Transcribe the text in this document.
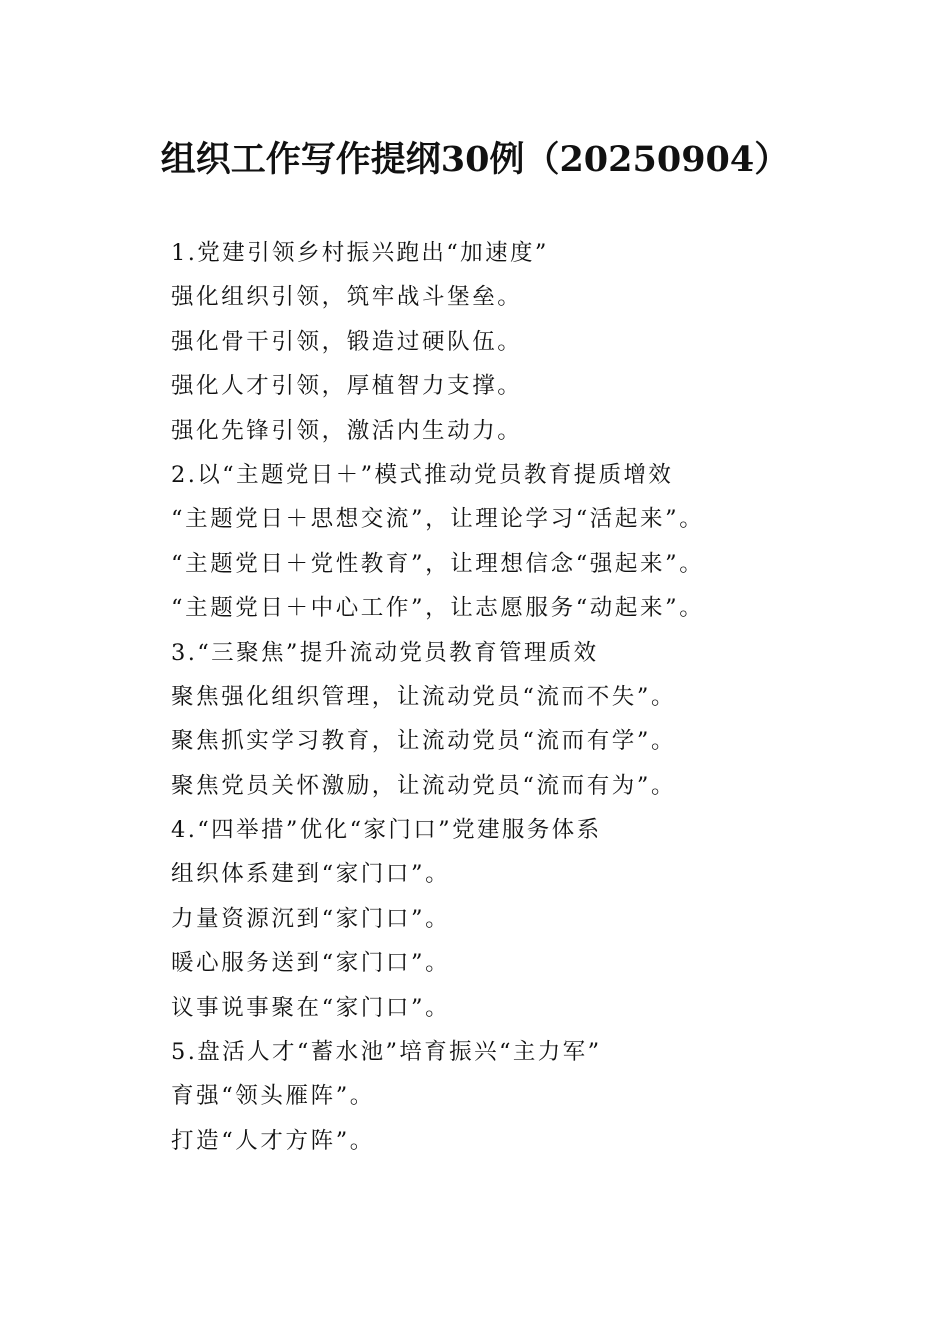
组织工作写作提纲30例（20250904）
1.党建引领乡村振兴跑出“加速度”
强化组织引领，筑牢战斗堡垒。
强化骨干引领，锻造过硬队伍。
强化人才引领，厚植智力支撑。
强化先锋引领，激活内生动力。
2.以“主题党日＋”模式推动党员教育提质增效
“主题党日＋思想交流”，让理论学习“活起来”。
“主题党日＋党性教育”，让理想信念“强起来”。
“主题党日＋中心工作”，让志愿服务“动起来”。
3.“三聚焦”提升流动党员教育管理质效
聚焦强化组织管理，让流动党员“流而不失”。
聚焦抓实学习教育，让流动党员“流而有学”。
聚焦党员关怀激励，让流动党员“流而有为”。
4.“四举措”优化“家门口”党建服务体系
组织体系建到“家门口”。
力量资源沉到“家门口”。
暖心服务送到“家门口”。
议事说事聚在“家门口”。
5.盘活人才“蓄水池”培育振兴“主力军”
育强“领头雁阵”。
打造“人才方阵”。
